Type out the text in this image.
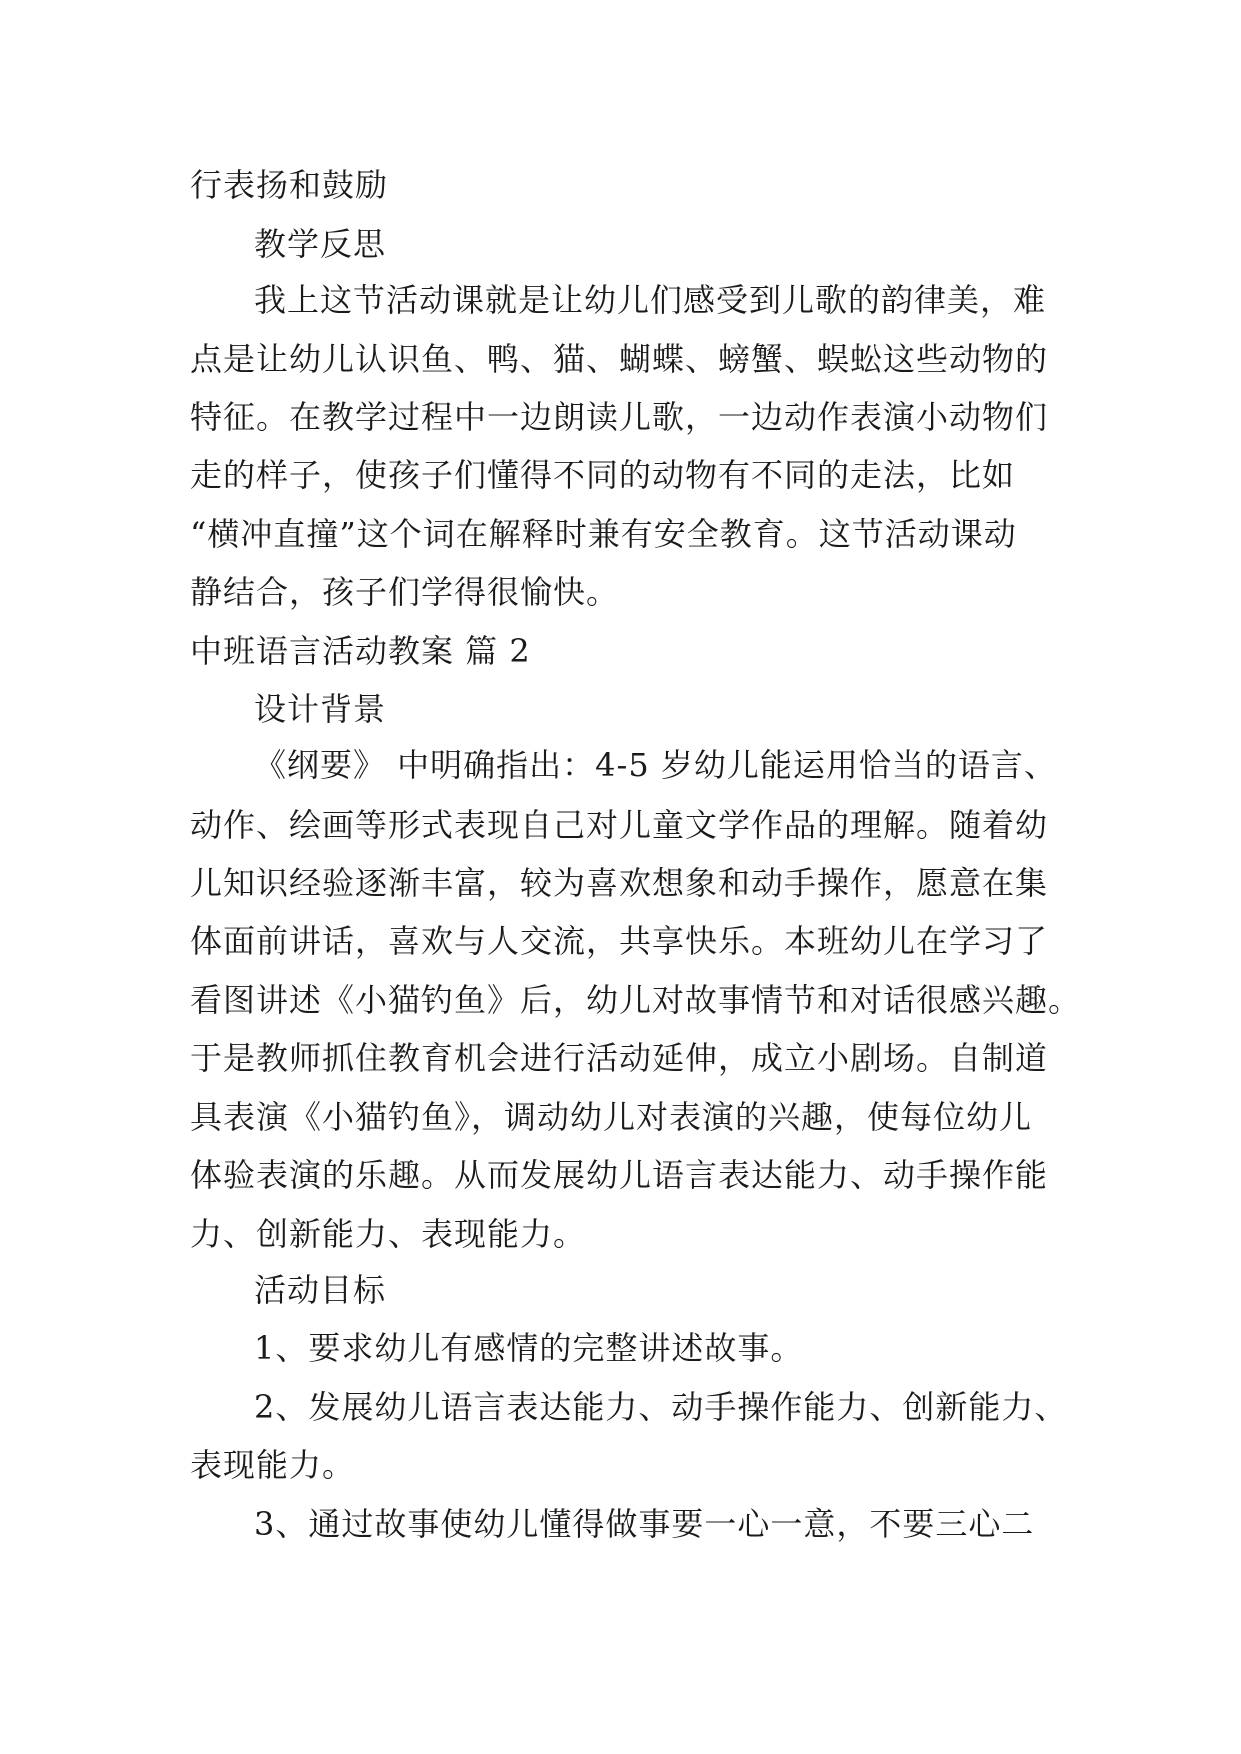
行表扬和鼓励
教学反思
我上这节活动课就是让幼儿们感受到儿歌的韵律美，难
点是让幼儿认识鱼、鸭、猫、蝴蝶、螃蟹、蜈蚣这些动物的
特征。在教学过程中一边朗读儿歌，一边动作表演小动物们
走的样子，使孩子们懂得不同的动物有不同的走法，比如
“横冲直撞”这个词在解释时兼有安全教育。这节活动课动
静结合，孩子们学得很愉快。
中班语言活动教案 篇 2
设计背景
《纲要》 中明确指出：4-5 岁幼儿能运用恰当的语言、
动作、绘画等形式表现自己对儿童文学作品的理解。随着幼
儿知识经验逐渐丰富，较为喜欢想象和动手操作，愿意在集
体面前讲话，喜欢与人交流，共享快乐。本班幼儿在学习了
看图讲述《小猫钓鱼》后，幼儿对故事情节和对话很感兴趣。
于是教师抓住教育机会进行活动延伸，成立小剧场。自制道
具表演《小猫钓鱼》，调动幼儿对表演的兴趣，使每位幼儿
体验表演的乐趣。从而发展幼儿语言表达能力、动手操作能
力、创新能力、表现能力。
活动目标
1、要求幼儿有感情的完整讲述故事。
2、发展幼儿语言表达能力、动手操作能力、创新能力、
表现能力。
3、通过故事使幼儿懂得做事要一心一意，不要三心二
